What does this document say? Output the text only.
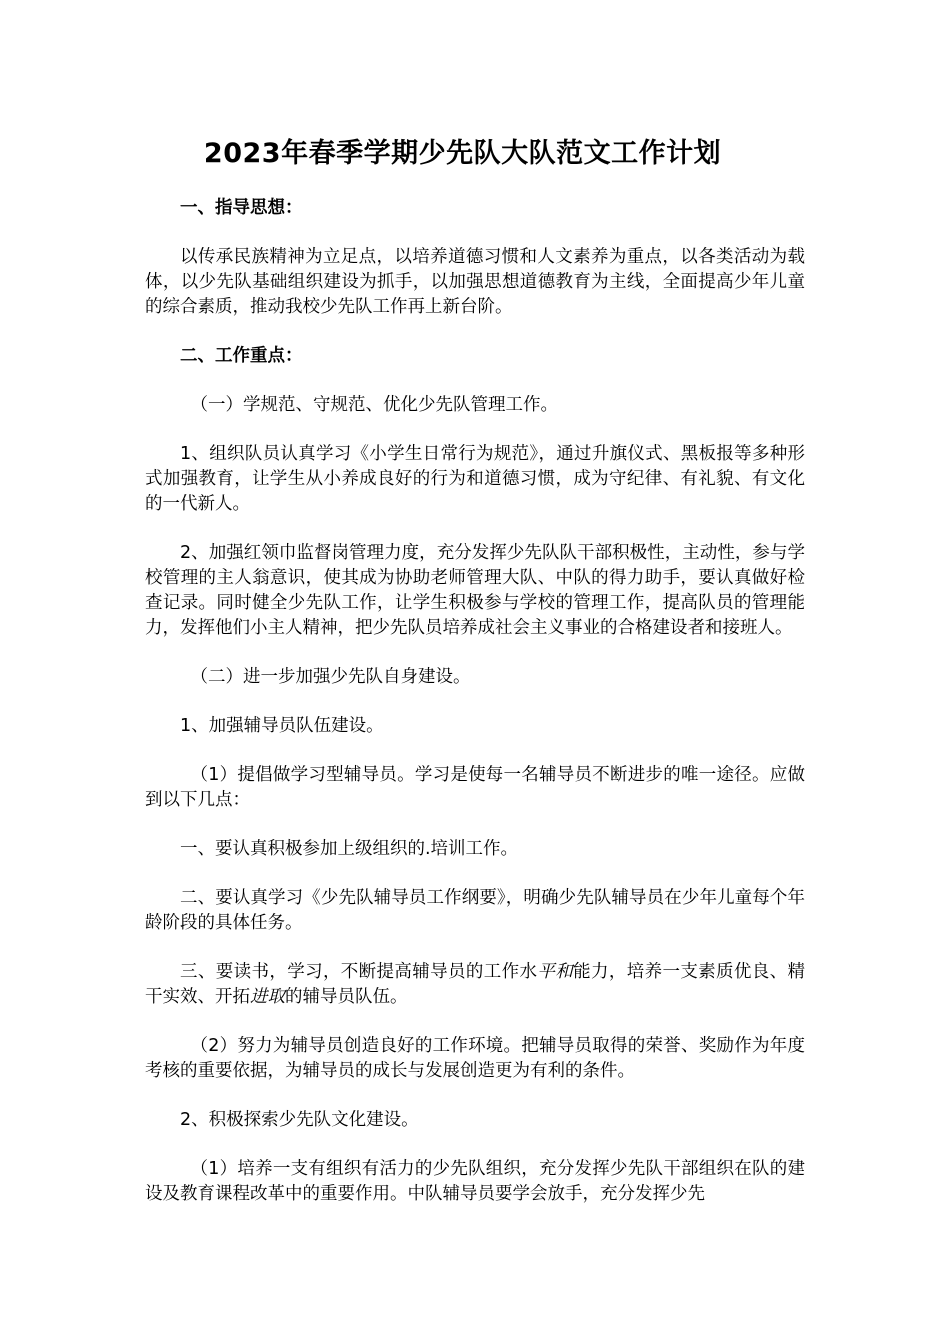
2023年春季学期少先队大队范文工作计划

一、指导思想：

以传承民族精神为立足点，以培养道德习惯和人文素养为重点，以各类活动为载体，以少先队基础组织建设为抓手，以加强思想道德教育为主线，全面提高少年儿童的综合素质，推动我校少先队工作再上新台阶。

二、工作重点：

（一）学规范、守规范、优化少先队管理工作。

1、组织队员认真学习《小学生日常行为规范》，通过升旗仪式、黑板报等多种形式加强教育，让学生从小养成良好的行为和道德习惯，成为守纪律、有礼貌、有文化的一代新人。

2、加强红领巾监督岗管理力度，充分发挥少先队队干部积极性，主动性，参与学校管理的主人翁意识，使其成为协助老师管理大队、中队的得力助手，要认真做好检查记录。同时健全少先队工作，让学生积极参与学校的管理工作，提高队员的管理能力，发挥他们小主人精神，把少先队员培养成社会主义事业的合格建设者和接班人。

（二）进一步加强少先队自身建设。

1、加强辅导员队伍建设。

（1）提倡做学习型辅导员。学习是使每一名辅导员不断进步的唯一途径。应做到以下几点：

一、要认真积极参加上级组织的.培训工作。

二、要认真学习《少先队辅导员工作纲要》，明确少先队辅导员在少年儿童每个年龄阶段的具体任务。

三、要读书，学习，不断提高辅导员的工作水平和能力，培养一支素质优良、精干实效、开拓进取的辅导员队伍。

（2）努力为辅导员创造良好的工作环境。把辅导员取得的荣誉、奖励作为年度考核的重要依据，为辅导员的成长与发展创造更为有利的条件。

2、积极探索少先队文化建设。

（1）培养一支有组织有活力的少先队组织，充分发挥少先队干部组织在队的建设及教育课程改革中的重要作用。中队辅导员要学会放手，充分发挥少先
